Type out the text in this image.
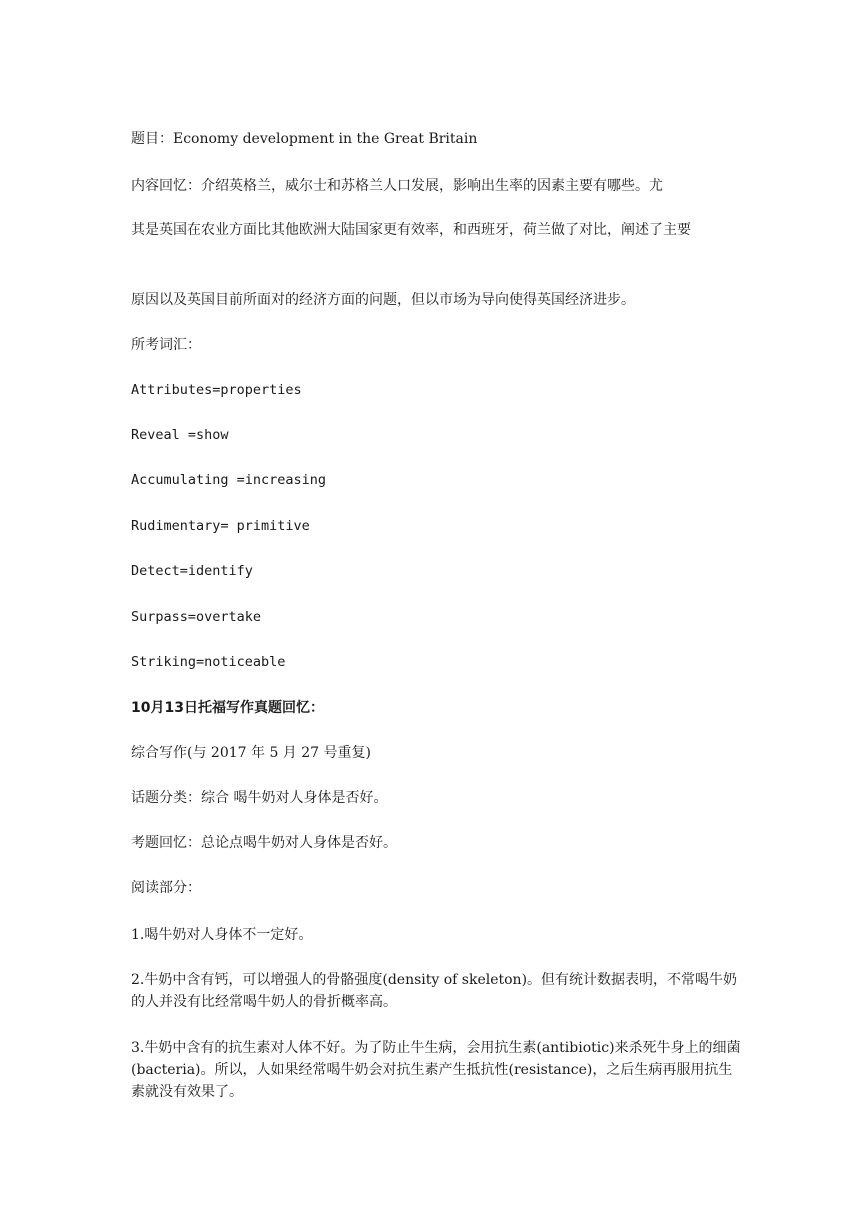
题目：Economy development in the Great Britain
内容回忆：介绍英格兰，威尔士和苏格兰人口发展，影响出生率的因素主要有哪些。尤
其是英国在农业方面比其他欧洲大陆国家更有效率，和西班牙，荷兰做了对比，阐述了主要
原因以及英国目前所面对的经济方面的问题，但以市场为导向使得英国经济进步。
所考词汇：
Attributes=properties
Reveal =show
Accumulating =increasing
Rudimentary= primitive
Detect=identify
Surpass=overtake
Striking=noticeable
10月13日托福写作真题回忆：
综合写作(与 2017 年 5 月 27 号重复)
话题分类：综合 喝牛奶对人身体是否好。
考题回忆：总论点喝牛奶对人身体是否好。
阅读部分：
1.喝牛奶对人身体不一定好。
2.牛奶中含有钙，可以增强人的骨骼强度(density of skeleton)。但有统计数据表明，不常喝牛奶的人并没有比经常喝牛奶人的骨折概率高。
3.牛奶中含有的抗生素对人体不好。为了防止牛生病，会用抗生素(antibiotic)来杀死牛身上的细菌(bacteria)。所以，人如果经常喝牛奶会对抗生素产生抵抗性(resistance)，之后生病再服用抗生素就没有效果了。
